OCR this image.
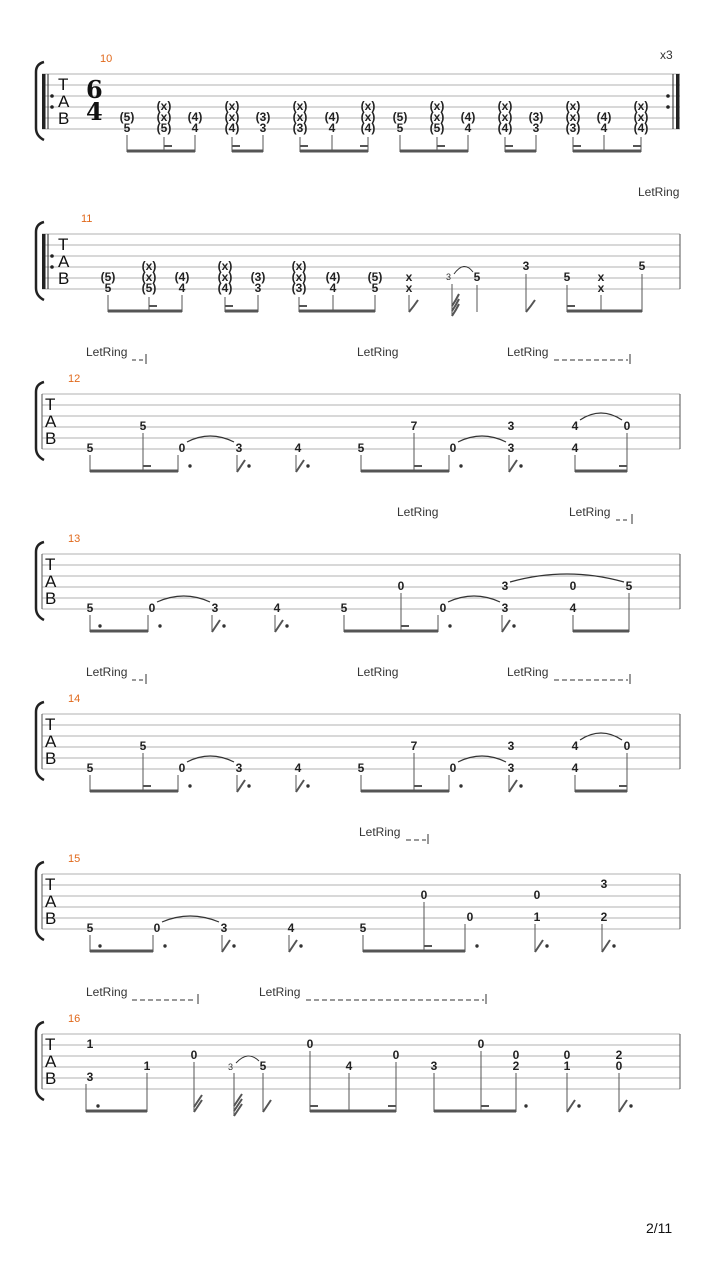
10	x3
T
A
B
6
4 (5)
5
(x)
(x)
(5)
(4)
4
(x)
(x)
(4)
(3)
3
(x)
(x)
(3)
(4)
4
(x)
(x)
(4)
(5)
5
(x)
(x)
(5)
(4)
4
(x)
(x)
(4)
(3)
3
(x)
(x)
(3)
(4)
4
(x)
(x)
(4)
LetRing
11
T
A
B	(5)
5
(x)
(x)
(5)
(4)
4
(x)
(x)
(4)
(3)
3
(x)
(x)
(3)
(4)
4
(5)
5
x
x
5
3
5 x
x
5
3
LetRing	LetRing	LetRing
12
T
A
B	5
5
0	3	4	5
7
0
3
3
4
4
0
LetRing	LetRing
13
T
A
B	5	0	3	4	5
0
0
3
3
0
4
5
LetRing	LetRing	LetRing
14
T
A
B	5
5
0	3	4	5
7
0
3
3
4
4
0
LetRing
15
T
A
B	5	0	3	4	5
0
0
0
1
3
2
LetRing	LetRing
16
T
A
B
1
3
1
0
5
0
4
0
3
0
0
2
0
1
2
0
3
2/11
